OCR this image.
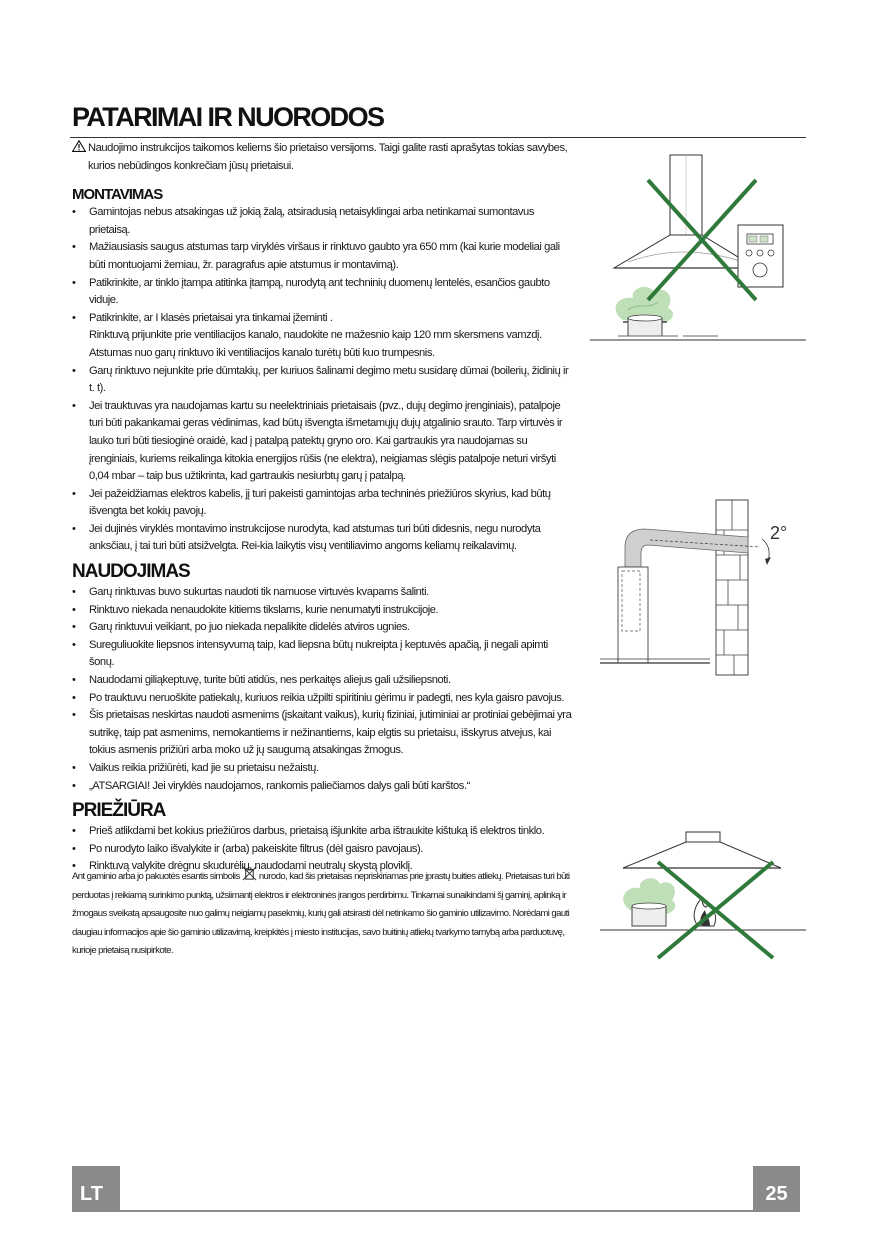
PATARIMAI IR NUORODOS

Naudojimo instrukcijos taikomos keliems šio prietaiso versijoms. Taigi galite rasti aprašytas tokias savybes, kurios nebūdingos konkrečiam jūsų prietaisui.

MONTAVIMAS
• Gamintojas nebus atsakingas už jokią žalą, atsiradusią netaisyklingai arba netinkamai sumontavus prietaisą.
• Mažiausiasis saugus atstumas tarp viryklės viršaus ir rinktuvo gaubto yra 650 mm (kai kurie modeliai gali būti montuojami žemiau, žr. paragrafus apie atstumus ir montavimą).
• Patikrinkite, ar tinklo įtampa atitinka įtampą, nurodytą ant techninių duomenų lentelės, esančios gaubto viduje.
• Patikrinkite, ar I klasės prietaisai yra tinkamai įžeminti .
Rinktuvą prijunkite prie ventiliacijos kanalo, naudokite ne mažesnio kaip 120 mm skersmens vamzdį. Atstumas nuo garų rinktuvo iki ventiliacijos kanalo turėtų būti kuo trumpesnis.
• Garų rinktuvo nejunkite prie dūmtakių, per kuriuos šalinami degimo metu susidarę dūmai (boilerių, židinių ir t. t).
• Jei trauktuvas yra naudojamas kartu su neelektriniais prietaisais (pvz., dujų degimo įrenginiais), patalpoje turi būti pakankamai geras vėdinimas, kad būtų išvengta išmetamųjų dujų atgalinio srauto. Tarp virtuvės ir lauko turi būti tiesioginė oraidė, kad į patalpą patektų gryno oro. Kai gartraukis yra naudojamas su įrenginiais, kuriems reikalinga kitokia energijos rūšis (ne elektra), neigiamas slėgis patalpoje neturi viršyti 0,04 mbar – taip bus užtikrinta, kad gartraukis nesiurbtų garų į patalpą.
• Jei pažeidžiamas elektros kabelis, jį turi pakeisti gamintojas arba techninės priežiūros skyrius, kad būtų išvengta bet kokių pavojų.
• Jei dujinės viryklės montavimo instrukcijose nurodyta, kad atstumas turi būti didesnis, negu nurodyta anksčiau, į tai turi būti atsižvelgta. Rei-kia laikytis visų ventiliavimo angoms keliamų reikalavimų.
NAUDOJIMAS
• Garų rinktuvas buvo sukurtas naudoti tik namuose virtuvės kvapams šalinti.
• Rinktuvo niekada nenaudokite kitiems tikslams, kurie nenumatyti instrukcijoje.
• Garų rinktuvui veikiant, po juo niekada nepalikite didelės atviros ugnies.
• Sureguliuokite liepsnos intensyvumą taip, kad liepsna būtų nukreipta į keptuvės apačią, ji negali apimti šonų.
• Naudodami giliąkeptuvę, turite būti atidūs, nes perkaitęs aliejus gali užsiliepsnoti.
• Po trauktuvu neruoškite patiekalų, kuriuos reikia užpilti spiritiniu gėrimu ir padegti, nes kyla gaisro pavojus.
• Šis prietaisas neskirtas naudoti asmenims (įskaitant vaikus), kurių fiziniai, jutiminiai ar protiniai gebėjimai yra sutrikę, taip pat asmenims, nemokantiems ir nežinantiems, kaip elgtis su prietaisu, išskyrus atvejus, kai tokius asmenis prižiūri arba moko už jų saugumą atsakingas žmogus.
• Vaikus reikia prižiūrėti, kad jie su prietaisu nežaistų.
• „ATSARGIAI! Jei viryklės naudojamos, rankomis paliečiamos dalys gali būti karštos.“
PRIEŽIŪRA
• Prieš atlikdami bet kokius priežiūros darbus, prietaisą išjunkite arba ištraukite kištuką iš elektros tinklo.
• Po nurodyto laiko išvalykite ir (arba) pakeiskite filtrus (dėl gaisro pavojaus).
• Rinktuvą valykite drėgnu skudurėliu, naudodami neutralų skystą ploviklį.

Ant gaminio arba jo pakuotės esantis simbolis nurodo, kad šis prietaisas nepriskiriamas prie įprastų buities atliekų. Prietaisas turi būti perduotas į reikiamą surinkimo punktą, užsiimantį elektros ir elektroninės įrangos perdirbimu. Tinkamai sunaikindami šį gaminį, aplinką ir žmogaus sveikatą apsaugosite nuo galimų neigiamų pasekmių, kurių gali atsirasti dėl netinkamo šio gaminio utilizavimo. Norėdami gauti daugiau informacijos apie šio gaminio utilizavimą, kreipkitės į miesto institucijas, savo buitinių atliekų tvarkymo tarnybą arba parduotuvę, kurioje prietaisą nusipirkote.

2°
LT	25
